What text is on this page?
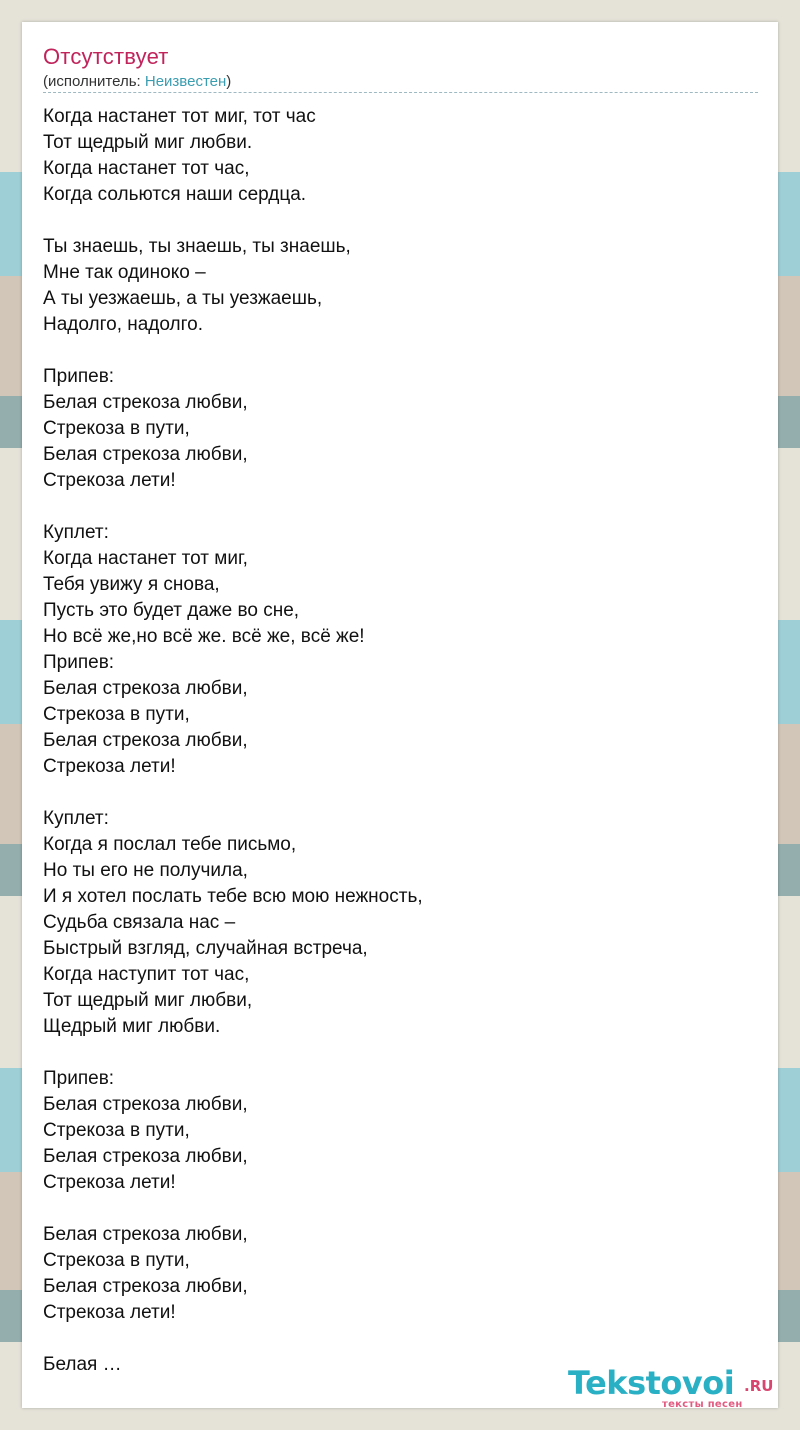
Отсутствует
(исполнитель: Неизвестен)
Когда настанет тот миг, тот час
Тот щедрый миг любви.
Когда настанет тот час,
Когда сольются наши сердца.
Ты знаешь, ты знаешь, ты знаешь,
Мне так одиноко –
А ты уезжаешь, а ты уезжаешь,
Надолго, надолго.
Припев:
Белая стрекоза любви,
Стрекоза в пути,
Белая стрекоза любви,
Стрекоза лети!
Куплет:
Когда настанет тот миг,
Тебя увижу я снова,
Пусть это будет даже во сне,
Но всё же,но всё же. всё же, всё же!
Припев:
Белая стрекоза любви,
Стрекоза в пути,
Белая стрекоза любви,
Стрекоза лети!
Куплет:
Когда я послал тебе письмо,
Но ты его не получила,
И я хотел послать тебе всю мою нежность,
Судьба связала нас –
Быстрый взгляд, случайная встреча,
Когда наступит тот час,
Тот щедрый миг любви,
Щедрый миг любви.
Припев:
Белая стрекоза любви,
Стрекоза в пути,
Белая стрекоза любви,
Стрекоза лети!
Белая стрекоза любви,
Стрекоза в пути,
Белая стрекоза любви,
Стрекоза лети!
Белая …	Tekstovoi .RU
тексты песен
